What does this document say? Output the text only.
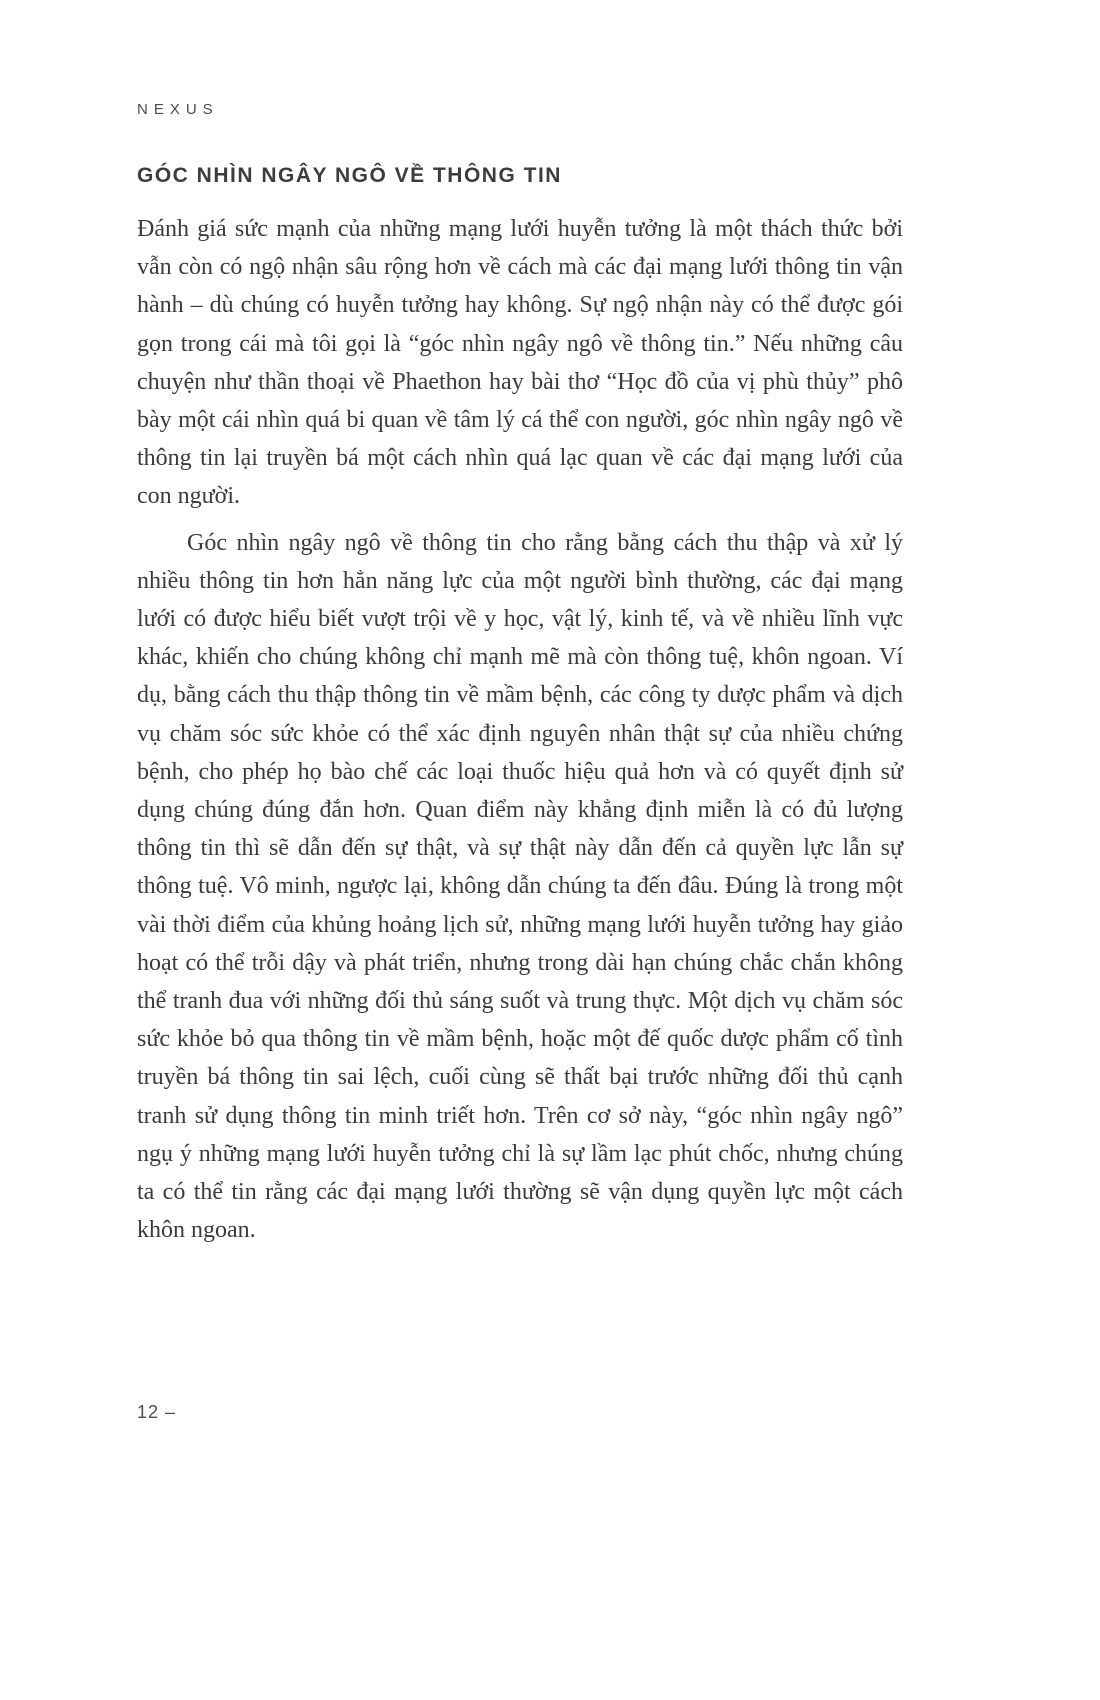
NEXUS
GÓC NHÌN NGÂY NGÔ VỀ THÔNG TIN

Đánh giá sức mạnh của những mạng lưới huyễn tưởng là một thách thức bởi vẫn còn có ngộ nhận sâu rộng hơn về cách mà các đại mạng lưới thông tin vận hành – dù chúng có huyễn tưởng hay không. Sự ngộ nhận này có thể được gói gọn trong cái mà tôi gọi là “góc nhìn ngây ngô về thông tin.” Nếu những câu chuyện như thần thoại về Phaethon hay bài thơ “Học đồ của vị phù thủy” phô bày một cái nhìn quá bi quan về tâm lý cá thể con người, góc nhìn ngây ngô về thông tin lại truyền bá một cách nhìn quá lạc quan về các đại mạng lưới của con người.

Góc nhìn ngây ngô về thông tin cho rằng bằng cách thu thập và xử lý nhiều thông tin hơn hẳn năng lực của một người bình thường, các đại mạng lưới có được hiểu biết vượt trội về y học, vật lý, kinh tế, và về nhiều lĩnh vực khác, khiến cho chúng không chỉ mạnh mẽ mà còn thông tuệ, khôn ngoan. Ví dụ, bằng cách thu thập thông tin về mầm bệnh, các công ty dược phẩm và dịch vụ chăm sóc sức khỏe có thể xác định nguyên nhân thật sự của nhiều chứng bệnh, cho phép họ bào chế các loại thuốc hiệu quả hơn và có quyết định sử dụng chúng đúng đắn hơn. Quan điểm này khẳng định miễn là có đủ lượng thông tin thì sẽ dẫn đến sự thật, và sự thật này dẫn đến cả quyền lực lẫn sự thông tuệ. Vô minh, ngược lại, không dẫn chúng ta đến đâu. Đúng là trong một vài thời điểm của khủng hoảng lịch sử, những mạng lưới huyễn tưởng hay giảo hoạt có thể trỗi dậy và phát triển, nhưng trong dài hạn chúng chắc chắn không thể tranh đua với những đối thủ sáng suốt và trung thực. Một dịch vụ chăm sóc sức khỏe bỏ qua thông tin về mầm bệnh, hoặc một đế quốc dược phẩm cố tình truyền bá thông tin sai lệch, cuối cùng sẽ thất bại trước những đối thủ cạnh tranh sử dụng thông tin minh triết hơn. Trên cơ sở này, “góc nhìn ngây ngô” ngụ ý những mạng lưới huyễn tưởng chỉ là sự lầm lạc phút chốc, nhưng chúng ta có thể tin rằng các đại mạng lưới thường sẽ vận dụng quyền lực một cách khôn ngoan.

12 –
